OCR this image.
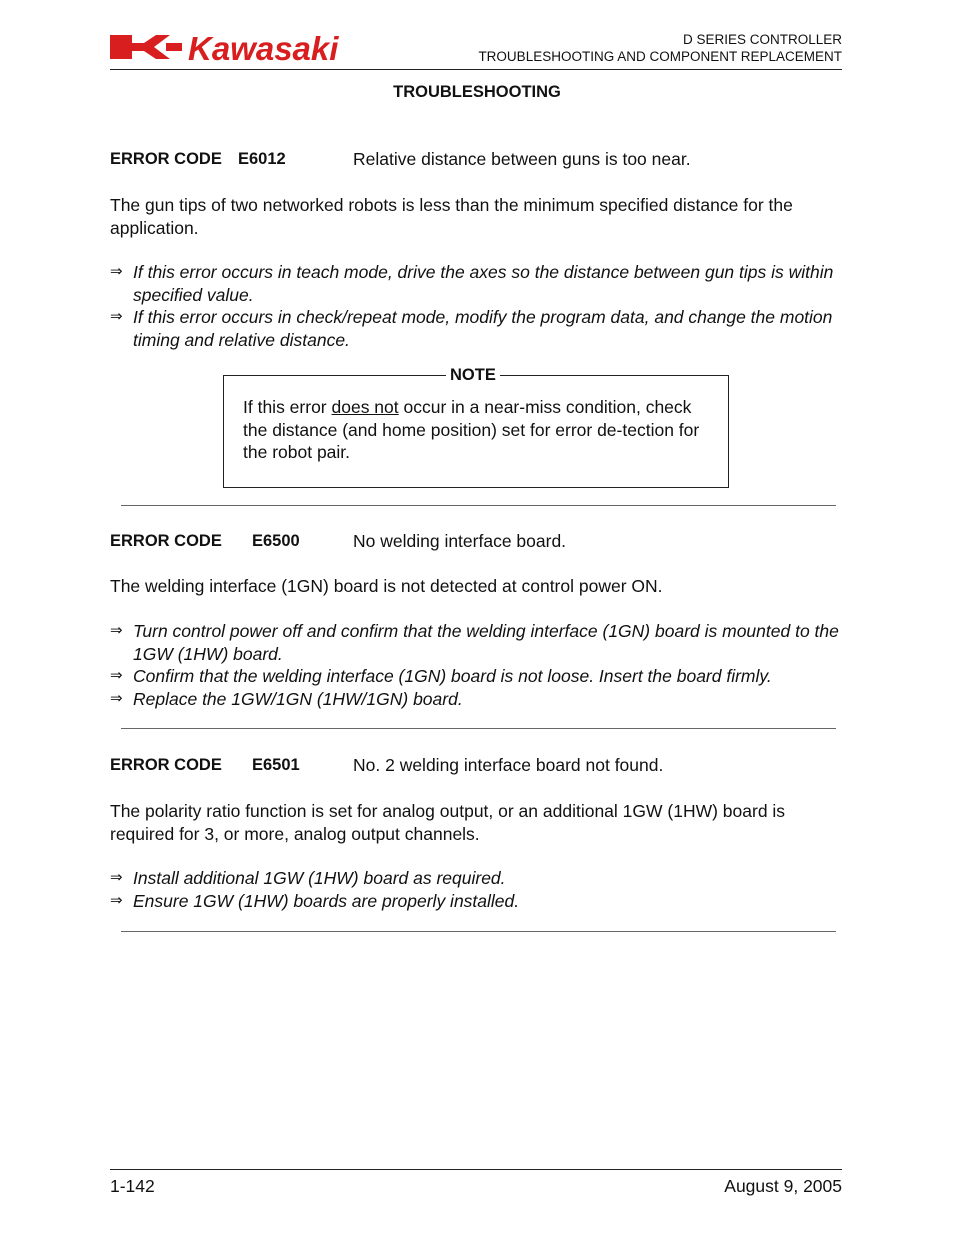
Kawasaki	D SERIES CONTROLLER
TROUBLESHOOTING AND COMPONENT REPLACEMENT
TROUBLESHOOTING
ERROR CODE E6012	Relative distance between guns is too near.
The gun tips of two networked robots is less than the minimum specified distance for the application.
⇒ If this error occurs in teach mode, drive the axes so the distance between gun tips is within specified value.
⇒ If this error occurs in check/repeat mode, modify the program data, and change the motion timing and relative distance.
NOTE
If this error does not occur in a near-miss condition, check the distance (and home position) set for error de-tection for the robot pair.
ERROR CODE E6500	No welding interface board.
The welding interface (1GN) board is not detected at control power ON.
⇒ Turn control power off and confirm that the welding interface (1GN) board is mounted to the 1GW (1HW) board.
⇒ Confirm that the welding interface (1GN) board is not loose. Insert the board firmly.
⇒ Replace the 1GW/1GN (1HW/1GN) board.
ERROR CODE E6501	No. 2 welding interface board not found.
The polarity ratio function is set for analog output, or an additional 1GW (1HW) board is required for 3, or more, analog output channels.
⇒ Install additional 1GW (1HW) board as required.
⇒ Ensure 1GW (1HW) boards are properly installed.
1-142	August 9, 2005
